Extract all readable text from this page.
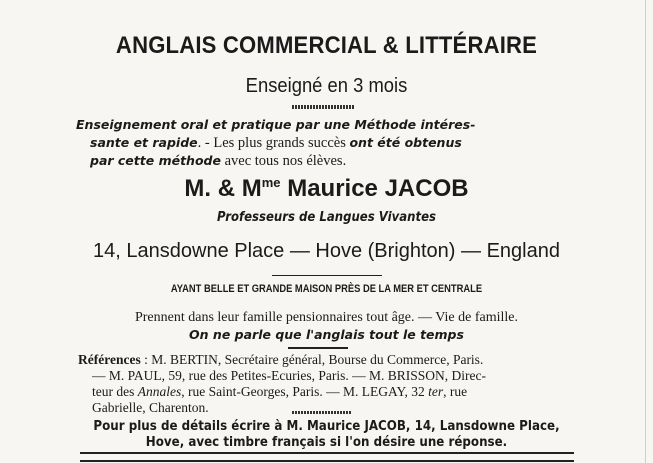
ANGLAIS COMMERCIAL & LITTÉRAIRE
Enseigné en 3 mois
Enseignement oral et pratique par une Méthode intéres-
sante et rapide. - Les plus grands succès ont été obtenus
par cette méthode avec tous nos élèves.
M. & $M^{me}$ Maurice JACOB
Professeurs de Langues Vivantes
14, Lansdowne Place — Hove (Brighton) — England
AYANT BELLE ET GRANDE MAISON PRÈS DE LA MER ET CENTRALE
Prennent dans leur famille pensionnaires tout âge. — Vie de famille.
On ne parle que l'anglais tout le temps
Références : M. BERTIN, Secrétaire général, Bourse du Commerce, Paris.
— M. PAUL, 59, rue des Petites-Ecuries, Paris. — M. BRISSON, Direc-
teur des Annales, rue Saint-Georges, Paris. — M. LEGAY, 32 ter, rue
Gabrielle, Charenton.
Pour plus de détails écrire à M. Maurice JACOB, 14, Lansdowne Place,
Hove, avec timbre français si l'on désire une réponse.
